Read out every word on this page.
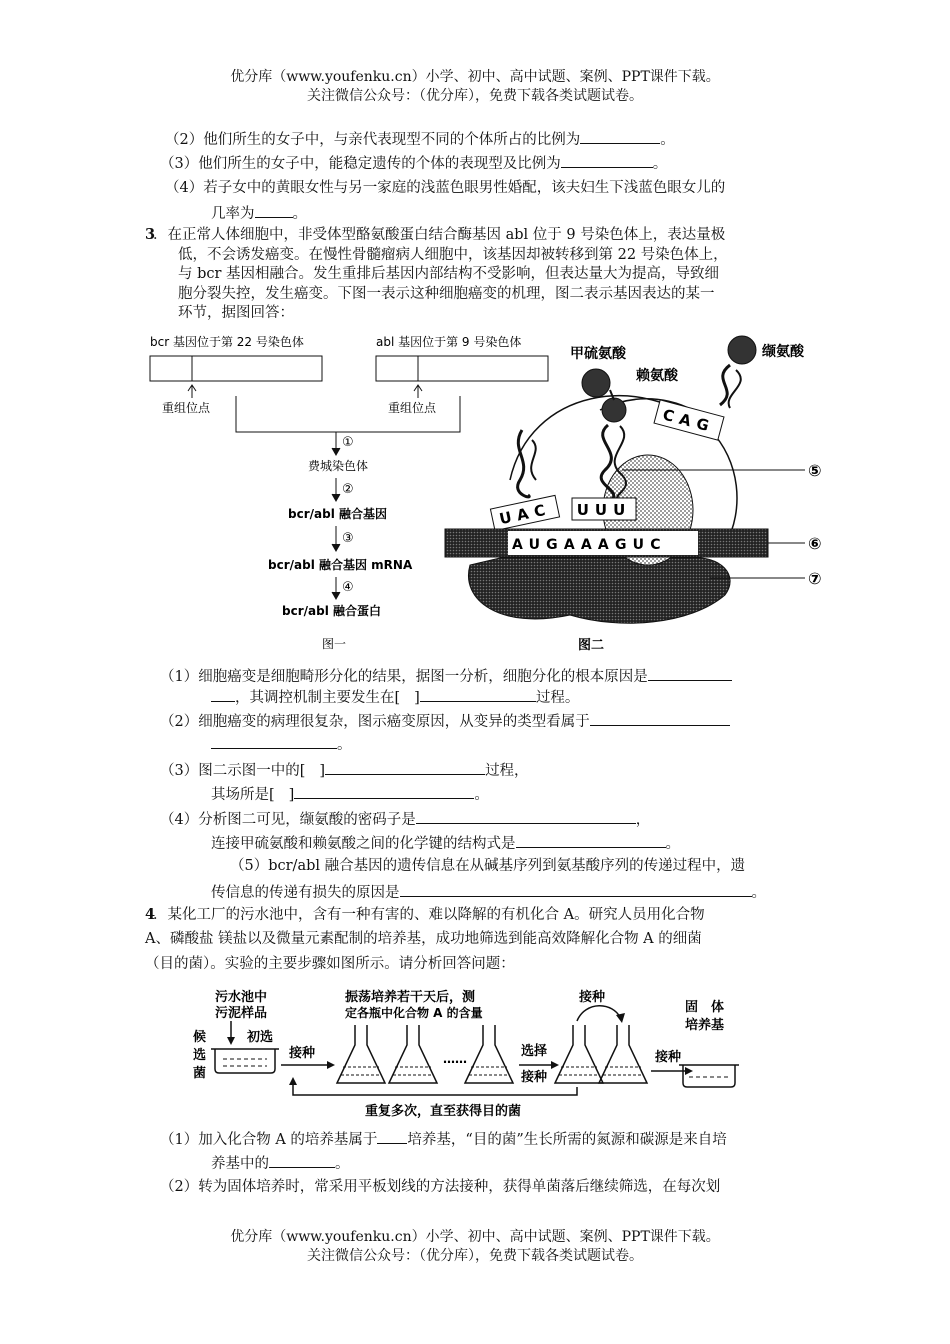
优分库（www.youfenku.cn）小学、初中、高中试题、案例、PPT课件下载。
关注微信公众号：（优分库），免费下载各类试题试卷。
（2）他们所生的女子中，与亲代表现型不同的个体所占的比例为	。
（3）他们所生的女子中，能稳定遗传的个体的表现型及比例为	。
（4）若子女中的黄眼女性与另一家庭的浅蓝色眼男性婚配，该夫妇生下浅蓝色眼女儿的
几率为	。
3
．在正常人体细胞中，非受体型酪氨酸蛋白结合酶基因 abl 位于 9 号染色体上，表达量极
低，不会诱发癌变。在慢性骨髓瘤病人细胞中，该基因却被转移到第 22 号染色体上，
与 bcr 基因相融合。发生重排后基因内部结构不受影响，但表达量大为提高，导致细
胞分裂失控，发生癌变。下图一表示这种细胞癌变的机理，图二表示基因表达的某一
环节，据图回答：
bcr 基因位于第 22 号染色体	abl 基因位于第 9 号染色体
重组位点	重组位点
①
费城染色体
②
bcr/abl 融合基因
③
bcr/abl 融合基因 mRNA
④
bcr/abl 融合蛋白
图一
甲硫氨酸
赖氨酸
缬氨酸
UAC UUU
CAG
AUGAAAGUC
⑤
⑥
⑦
图二
（1）细胞癌变是细胞畸形分化的结果，据图一分析，细胞分化的根本原因是
，其调控机制主要发生在[ ]	过程。
（2）细胞癌变的病理很复杂，图示癌变原因，从变异的类型看属于
。
（3）图二示图一中的[ ]	过程，
其场所是[ ]	。
（4）分析图二可见，缬氨酸的密码子是	，
连接甲硫氨酸和赖氨酸之间的化学键的结构式是	。
（5）bcr/abl 融合基因的遗传信息在从碱基序列到氨基酸序列的传递过程中，遗
传信息的传递有损失的原因是	。
4
．某化工厂的污水池中，含有一种有害的、难以降解的有机化合 A。研究人员用化合物
A、磷酸盐 镁盐以及微量元素配制的培养基，成功地筛选到能高效降解化合物 A 的细菌
（目的菌）。实验的主要步骤如图所示。请分析回答问题：
污水池中
污泥样品
初选
候
选
菌
接种
振荡培养若干天后，测
定各瓶中化合物 A 的含量
……	选择
接种
接种
接种
固　体
培养基
重复多次，直至获得目的菌
（1）加入化合物 A 的培养基属于 培养基，“目的菌”生长所需的氮源和碳源是来自培
养基中的	。
（2）转为固体培养时，常采用平板划线的方法接种，获得单菌落后继续筛选，在每次划
优分库（www.youfenku.cn）小学、初中、高中试题、案例、PPT课件下载。
关注微信公众号：（优分库），免费下载各类试题试卷。
